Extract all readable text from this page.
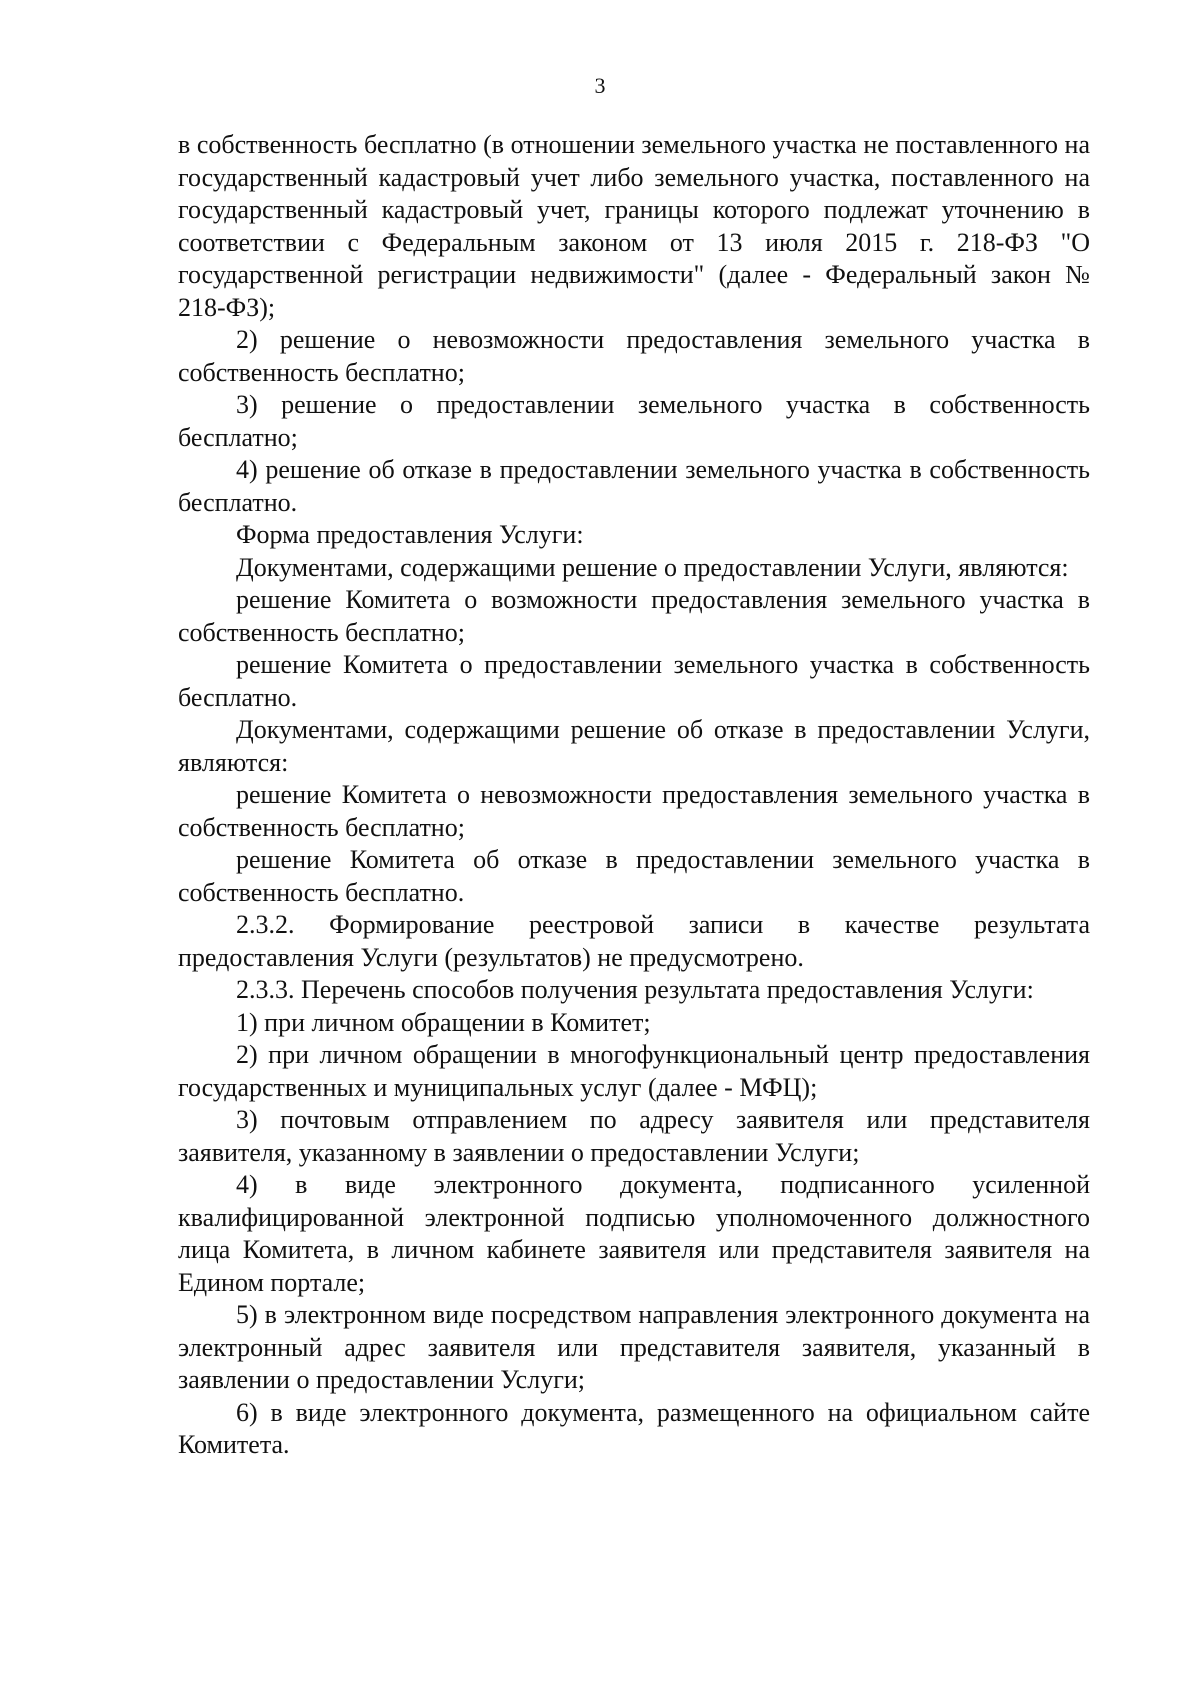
3

в собственность бесплатно (в отношении земельного участка не поставленного на государственный кадастровый учет либо земельного участка, поставленного на государственный кадастровый учет, границы которого подлежат уточнению в соответствии с Федеральным законом от 13 июля 2015 г. 218-ФЗ "О государственной регистрации недвижимости" (далее - Федеральный закон № 218-ФЗ);

2) решение о невозможности предоставления земельного участка в собственность бесплатно;

3) решение о предоставлении земельного участка в собственность бесплатно;

4) решение об отказе в предоставлении земельного участка в собственность бесплатно.

Форма предоставления Услуги:

Документами, содержащими решение о предоставлении Услуги, являются:

решение Комитета о возможности предоставления земельного участка в собственность бесплатно;

решение Комитета о предоставлении земельного участка в собственность бесплатно.

Документами, содержащими решение об отказе в предоставлении Услуги, являются:

решение Комитета о невозможности предоставления земельного участка в собственность бесплатно;

решение Комитета об отказе в предоставлении земельного участка в собственность бесплатно.

2.3.2. Формирование реестровой записи в качестве результата предоставления Услуги (результатов) не предусмотрено.

2.3.3. Перечень способов получения результата предоставления Услуги:

1) при личном обращении в Комитет;

2) при личном обращении в многофункциональный центр предоставления государственных и муниципальных услуг (далее - МФЦ);

3) почтовым отправлением по адресу заявителя или представителя заявителя, указанному в заявлении о предоставлении Услуги;

4) в виде электронного документа, подписанного усиленной квалифицированной электронной подписью уполномоченного должностного лица Комитета, в личном кабинете заявителя или представителя заявителя на Едином портале;

5) в электронном виде посредством направления электронного документа на электронный адрес заявителя или представителя заявителя, указанный в заявлении о предоставлении Услуги;

6) в виде электронного документа, размещенного на официальном сайте Комитета.
